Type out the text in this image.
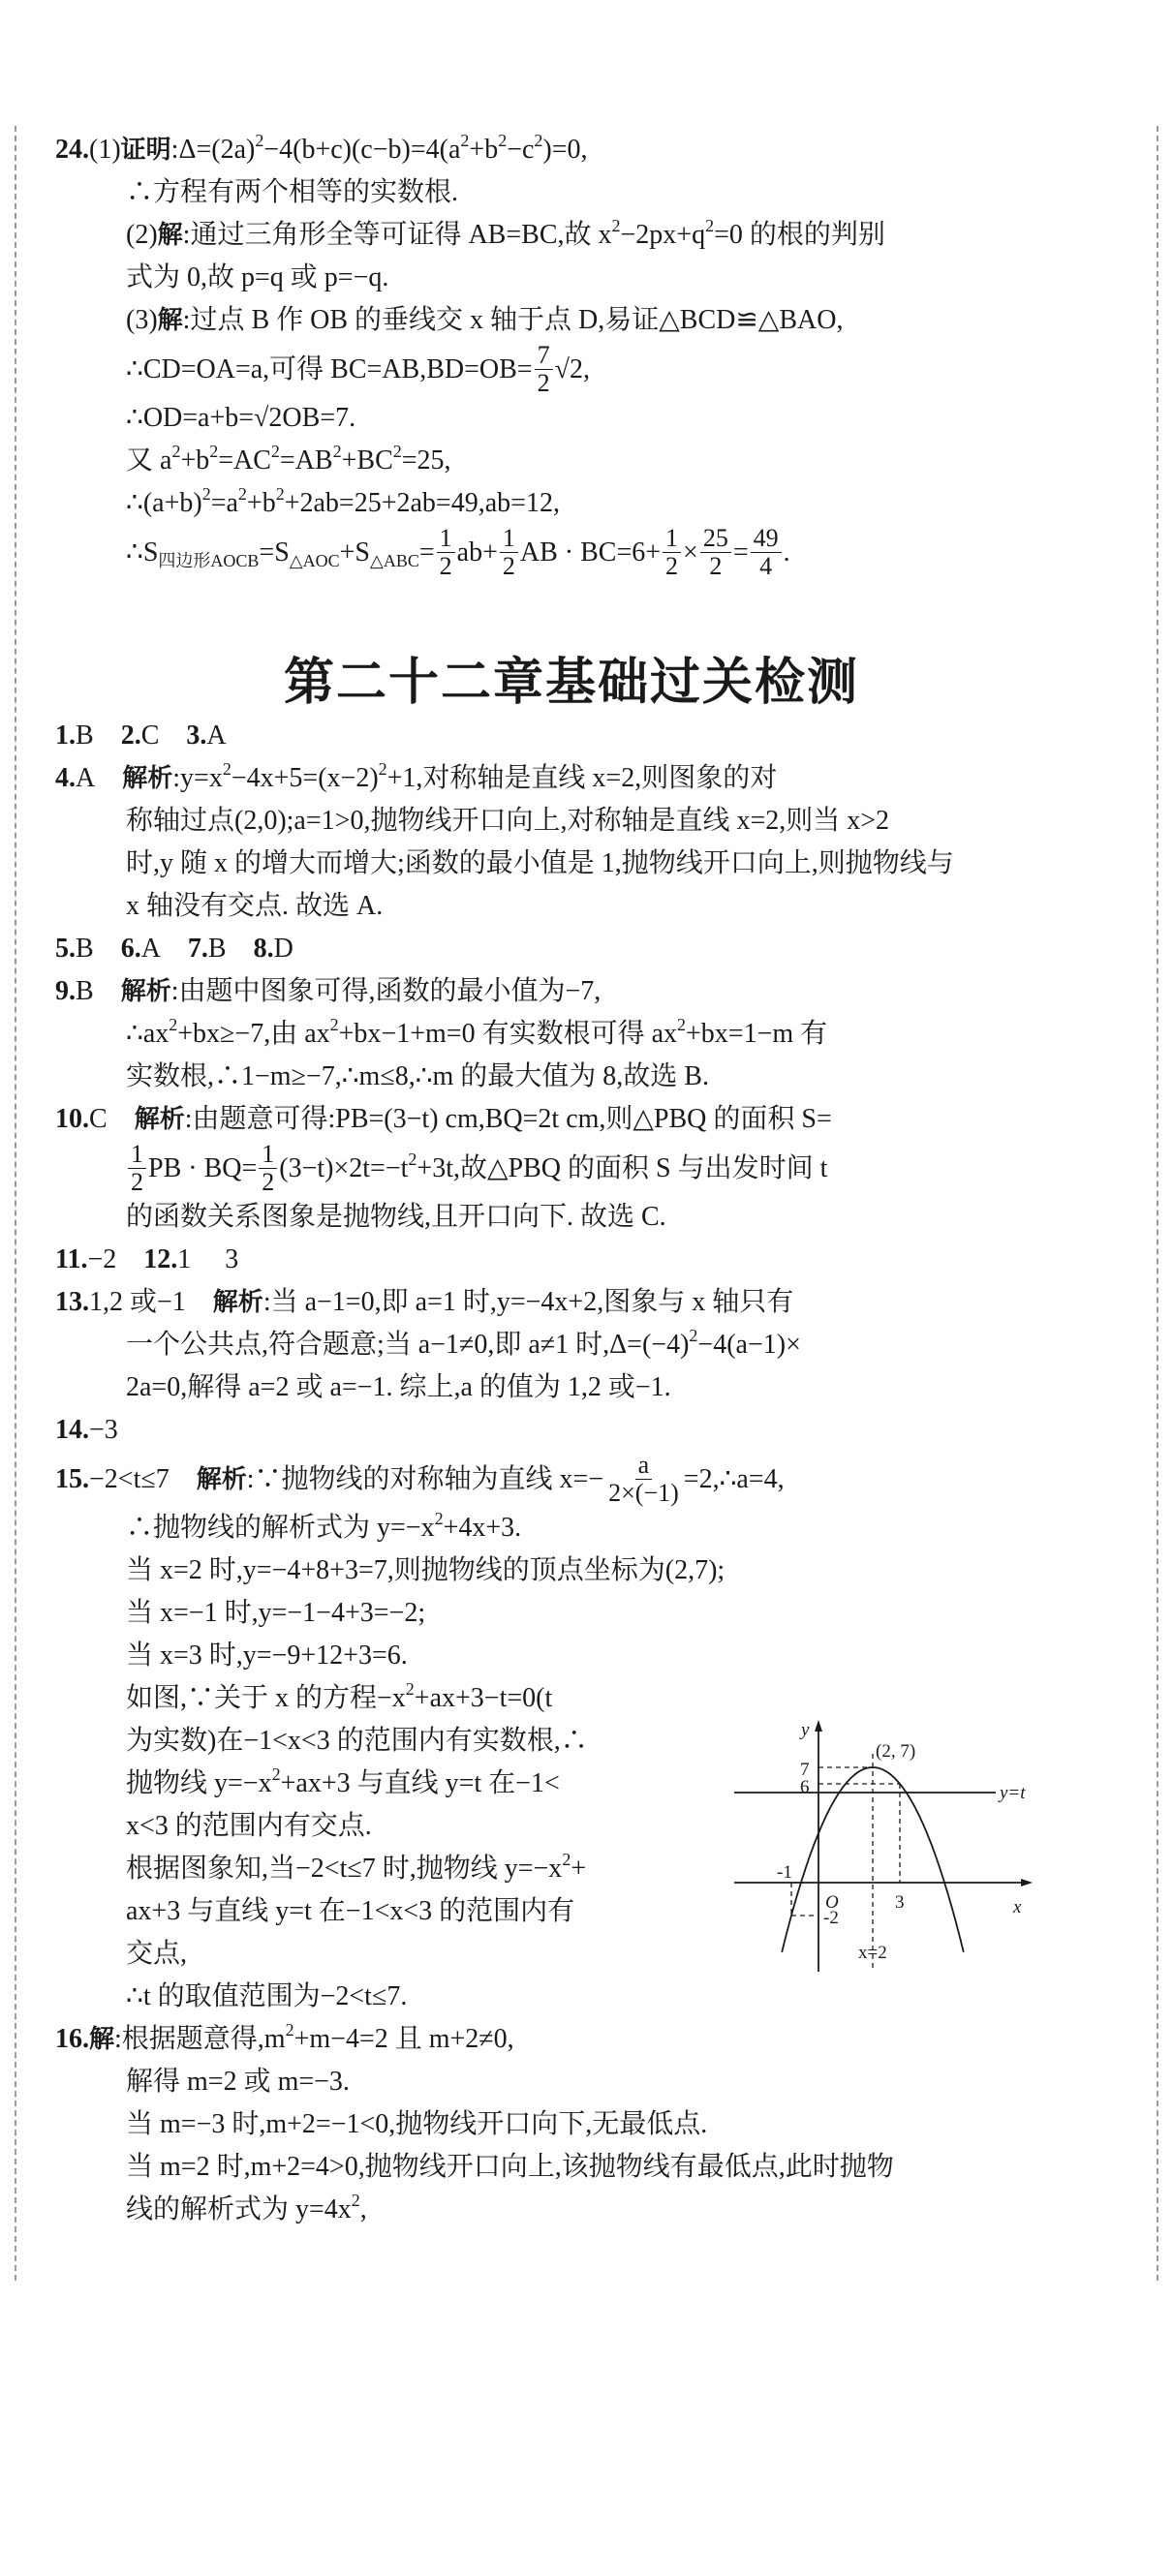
24. (1) 证明 :Δ=(2a) 2 −4(b+c)(c−b)=4(a 2 +b 2 −c 2 )=0,
∴方程有两个相等的实数根.
(2) 解 :通过三角形全等可证得 AB=BC,故 x 2 −2px+q 2 =0 的根的判别
式为 0,故 p=q 或 p=−q.
(3) 解 :过点 B 作 OB 的垂线交 x 轴于点 D,易证△BCD≌△BAO,
∴CD=OA=a,可得 $BC=AB,BD=OB= \frac{7}{2} √2$,
∴OD=a+b=√2OB=7.
又 a 2 +b 2 =AC 2 =AB 2 +BC 2 =25,
∴(a+b) 2 =a 2 +b 2 +2ab=25+2ab=49,ab=12,
∴S 四边形AOCB =S △AOC +S △ABC = $\frac{1}{2} ab+ \frac{1}{2}$ AB · $BC=6+ \frac{1}{2} \times \frac{25}{2} = \frac{49}{4}$ .
第二十二章基础过关检测
1. B  2. C  3. A
4. A  解析 :y=x 2 −4x+5=(x−2) 2 +1,对称轴是直线 x=2,则图象的对
称轴过点(2,0);a=1>0,抛物线开口向上,对称轴是直线 x=2,则当 x>2
时,y 随 x 的增大而增大;函数的最小值是 1,抛物线开口向上,则抛物线与
x 轴没有交点. 故选 A.
5. B  6. A  7. B  8. D
9. B  解析 :由题中图象可得,函数的最小值为−7,
∴ax 2 +bx≥−7,由 ax 2 +bx−1+m=0 有实数根可得 ax 2 +bx=1−m 有
实数根,∴1−m≥−7,∴m≤8,∴m 的最大值为 8,故选 B.
10. C  解析 :由题意可得:PB=(3−t) cm,BQ=2t cm,则△PBQ 的面积 S=
$\frac{1}{2}$ PB · $BQ= \frac{1}{2} (3-t)\times 2t=-t$ 2 +3t,故△PBQ 的面积 S 与出发时间 t
的函数关系图象是抛物线,且开口向下. 故选 C.
11. −2  12. 1  3
13. 1,2 或−1  解析 :当 a−1=0,即 a=1 时,y=−4x+2,图象与 x 轴只有
一个公共点,符合题意;当 a−1≠0,即 a≠1 时,Δ=(−4) 2 −4(a−1)×
2a=0,解得 a=2 或 a=−1. 综上,a 的值为 1,2 或−1.
14. −3
15. −2<t≤7  解析 :∵抛物线的对称轴为直线 $x=- \frac{a}{2\times(-1)}$ =2,∴a=4,
∴抛物线的解析式为 y=−x 2 +4x+3.
当 x=2 时,y=−4+8+3=7,则抛物线的顶点坐标为(2,7);
当 x=−1 时,y=−1−4+3=−2;
当 x=3 时,y=−9+12+3=6.
如图,∵关于 x 的方程−x 2 +ax+3−t=0(t
为实数)在−1<x<3 的范围内有实数根,∴
抛物线 y=−x 2 +ax+3 与直线 y=t 在−1<
x<3 的范围内有交点.
根据图象知,当−2<t≤7 时,抛物线 y=−x 2 +
ax+3 与直线 y=t 在−1<x<3 的范围内有
交点,
∴t 的取值范围为−2<t≤7.
16. 解 :根据题意得,m 2 +m−4=2 且 m+2≠0,
解得 m=2 或 m=−3.
当 m=−3 时,m+2=−1<0,抛物线开口向下,无最低点.
当 m=2 时,m+2=4>0,抛物线开口向上,该抛物线有最低点,此时抛物
线的解析式为 y=4x 2 ,
y
x
O
7
6
(2, 7)
y=t
-1
-2
3
x=2
